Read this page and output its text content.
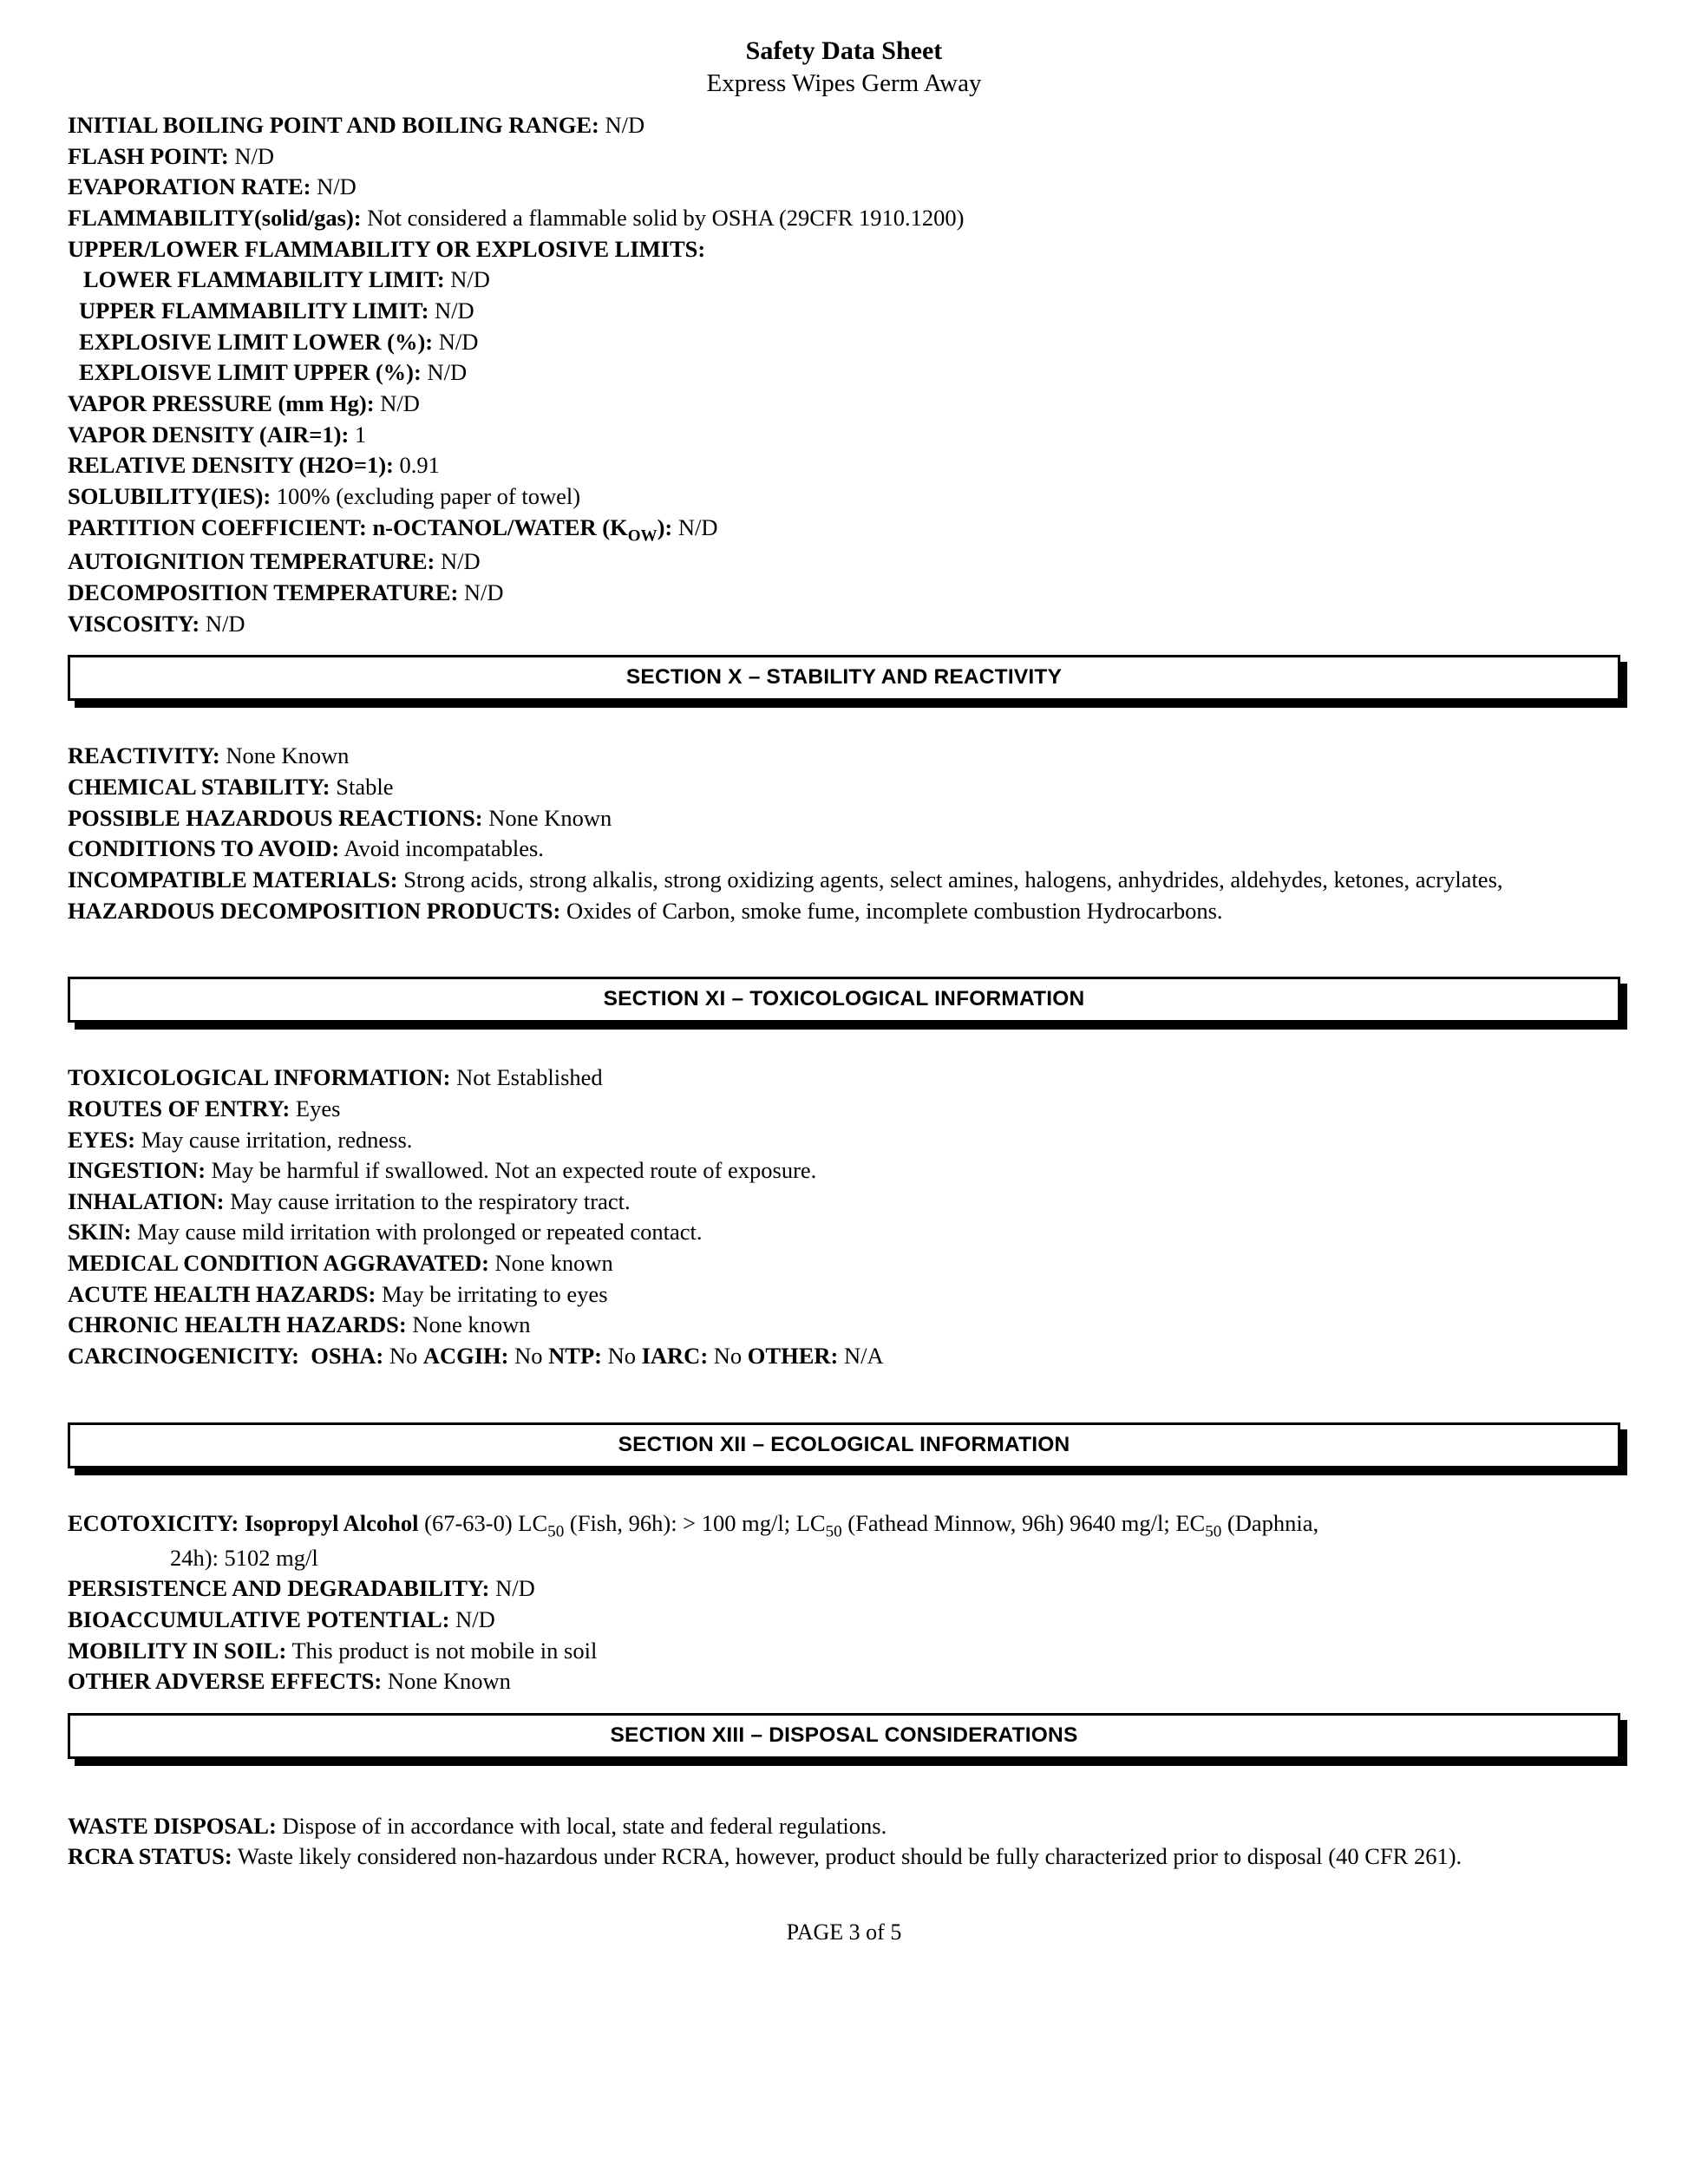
Safety Data Sheet
Express Wipes Germ Away
INITIAL BOILING POINT AND BOILING RANGE: N/D
FLASH POINT: N/D
EVAPORATION RATE: N/D
FLAMMABILITY(solid/gas): Not considered a flammable solid by OSHA (29CFR 1910.1200)
UPPER/LOWER FLAMMABILITY OR EXPLOSIVE LIMITS:
LOWER FLAMMABILITY LIMIT: N/D
UPPER FLAMMABILITY LIMIT: N/D
EXPLOSIVE LIMIT LOWER (%): N/D
EXPLOISVE LIMIT UPPER (%): N/D
VAPOR PRESSURE (mm Hg): N/D
VAPOR DENSITY (AIR=1): 1
RELATIVE DENSITY (H2O=1): 0.91
SOLUBILITY(IES): 100% (excluding paper of towel)
PARTITION COEFFICIENT: n-OCTANOL/WATER $(K_{OW})$: N/D
AUTOIGNITION TEMPERATURE: N/D
DECOMPOSITION TEMPERATURE: N/D
VISCOSITY: N/D
SECTION X – STABILITY AND REACTIVITY
REACTIVITY: None Known
CHEMICAL STABILITY: Stable
POSSIBLE HAZARDOUS REACTIONS: None Known
CONDITIONS TO AVOID: Avoid incompatables.
INCOMPATIBLE MATERIALS: Strong acids, strong alkalis, strong oxidizing agents, select amines, halogens, anhydrides, aldehydes, ketones, acrylates,
HAZARDOUS DECOMPOSITION PRODUCTS: Oxides of Carbon, smoke fume, incomplete combustion Hydrocarbons.
SECTION XI – TOXICOLOGICAL INFORMATION
TOXICOLOGICAL INFORMATION: Not Established
ROUTES OF ENTRY: Eyes
EYES: May cause irritation, redness.
INGESTION: May be harmful if swallowed. Not an expected route of exposure.
INHALATION: May cause irritation to the respiratory tract.
SKIN: May cause mild irritation with prolonged or repeated contact.
MEDICAL CONDITION AGGRAVATED: None known
ACUTE HEALTH HAZARDS: May be irritating to eyes
CHRONIC HEALTH HAZARDS: None known
CARCINOGENICITY: OSHA: No ACGIH: No NTP: No IARC: No OTHER: N/A
SECTION XII – ECOLOGICAL INFORMATION
ECOTOXICITY: Isopropyl Alcohol (67-63-0) $LC_{50}$ (Fish, 96h): > 100 mg/l; $LC_{50}$ (Fathead Minnow, 96h) 9640 mg/l; $EC_{50}$ (Daphnia,
24h): 5102 mg/l
PERSISTENCE AND DEGRADABILITY: N/D
BIOACCUMULATIVE POTENTIAL: N/D
MOBILITY IN SOIL: This product is not mobile in soil
OTHER ADVERSE EFFECTS: None Known
SECTION XIII – DISPOSAL CONSIDERATIONS
WASTE DISPOSAL: Dispose of in accordance with local, state and federal regulations.
RCRA STATUS: Waste likely considered non-hazardous under RCRA, however, product should be fully characterized prior to disposal (40 CFR 261).
PAGE 3 of 5
